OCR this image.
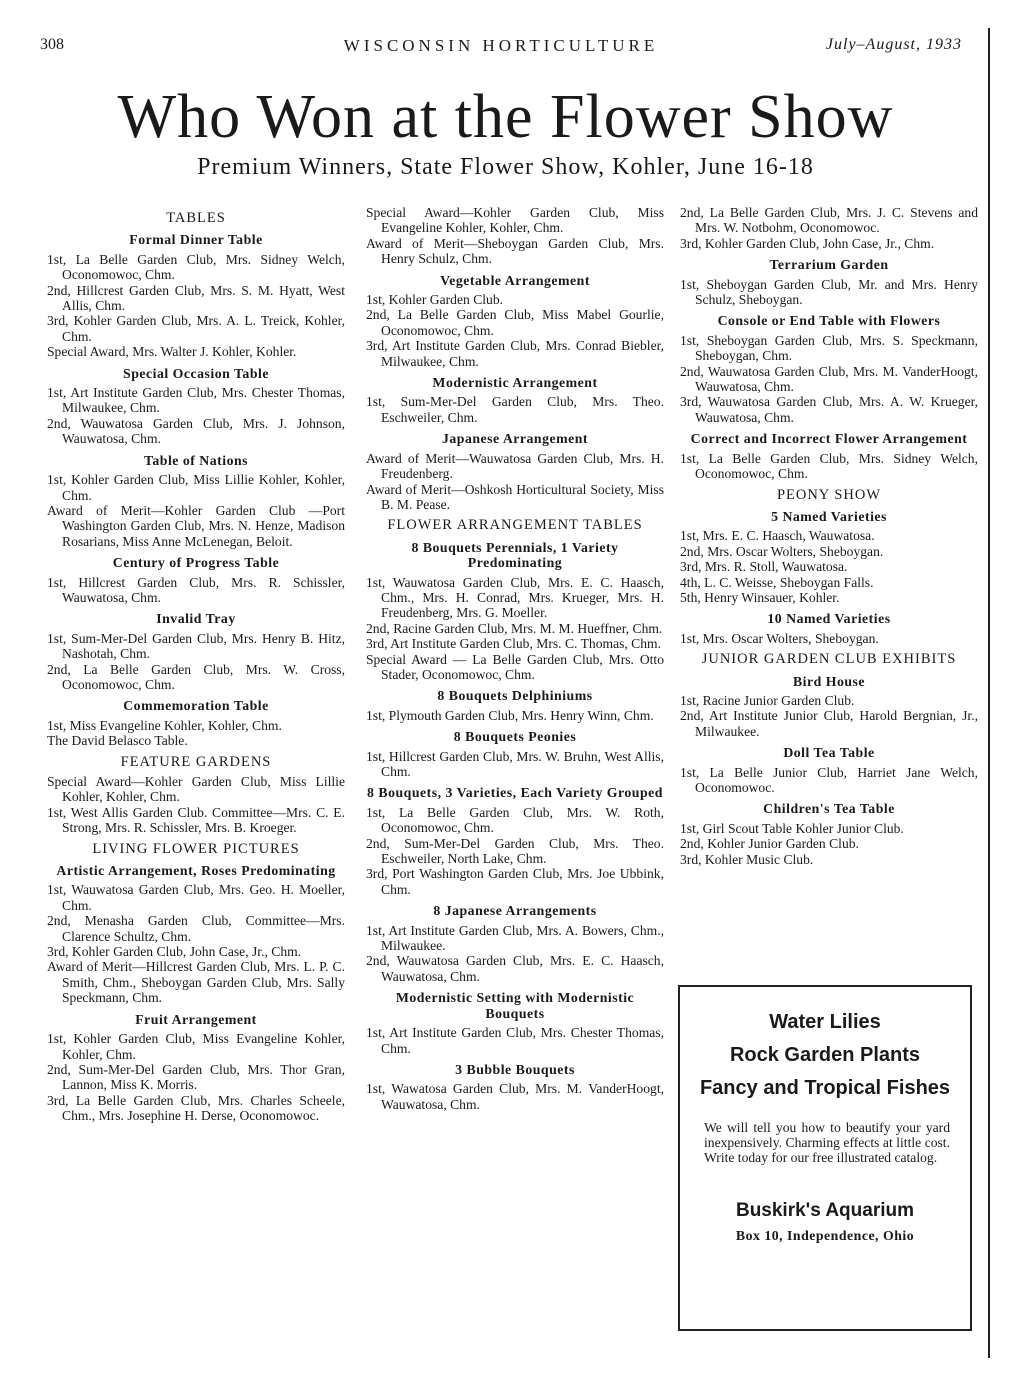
WISCONSIN HORTICULTURE
308	July–August, 1933
Who Won at the Flower Show
Premium Winners, State Flower Show, Kohler, June 16-18
TABLES
Formal Dinner Table
1st, La Belle Garden Club, Mrs. Sidney Welch, Oconomowoc, Chm.
2nd, Hillcrest Garden Club, Mrs. S. M. Hyatt, West Allis, Chm.
3rd, Kohler Garden Club, Mrs. A. L. Treick, Kohler, Chm.
Special Award, Mrs. Walter J. Kohler, Kohler.
Special Occasion Table
1st, Art Institute Garden Club, Mrs. Chester Thomas, Milwaukee, Chm.
2nd, Wauwatosa Garden Club, Mrs. J. Johnson, Wauwatosa, Chm.
Table of Nations
1st, Kohler Garden Club, Miss Lillie Kohler, Kohler, Chm.
Award of Merit—Kohler Garden Club —Port Washington Garden Club, Mrs. N. Henze, Madison Rosarians, Miss Anne McLenegan, Beloit.
Century of Progress Table
1st, Hillcrest Garden Club, Mrs. R. Schissler, Wauwatosa, Chm.
Invalid Tray
1st, Sum-Mer-Del Garden Club, Mrs. Henry B. Hitz, Nashotah, Chm.
2nd, La Belle Garden Club, Mrs. W. Cross, Oconomowoc, Chm.
Commemoration Table
1st, Miss Evangeline Kohler, Kohler, Chm.
The David Belasco Table.
FEATURE GARDENS
Special Award—Kohler Garden Club, Miss Lillie Kohler, Kohler, Chm.
1st, West Allis Garden Club. Committee—Mrs. C. E. Strong, Mrs. R. Schissler, Mrs. B. Kroeger.
LIVING FLOWER PICTURES
Artistic Arrangement, Roses Predominating
1st, Wauwatosa Garden Club, Mrs. Geo. H. Moeller, Chm.
2nd, Menasha Garden Club, Committee—Mrs. Clarence Schultz, Chm.
3rd, Kohler Garden Club, John Case, Jr., Chm.
Award of Merit—Hillcrest Garden Club, Mrs. L. P. C. Smith, Chm., Sheboygan Garden Club, Mrs. Sally Speckmann, Chm.
Fruit Arrangement
1st, Kohler Garden Club, Miss Evangeline Kohler, Kohler, Chm.
2nd, Sum-Mer-Del Garden Club, Mrs. Thor Gran, Lannon, Miss K. Morris.
3rd, La Belle Garden Club, Mrs. Charles Scheele, Chm., Mrs. Josephine H. Derse, Oconomowoc.
Special Award—Kohler Garden Club, Miss Evangeline Kohler, Kohler, Chm.
Award of Merit—Sheboygan Garden Club, Mrs. Henry Schulz, Chm.
Vegetable Arrangement
1st, Kohler Garden Club.
2nd, La Belle Garden Club, Miss Mabel Gourlie, Oconomowoc, Chm.
3rd, Art Institute Garden Club, Mrs. Conrad Biebler, Milwaukee, Chm.
Modernistic Arrangement
1st, Sum-Mer-Del Garden Club, Mrs. Theo. Eschweiler, Chm.
Japanese Arrangement
Award of Merit—Wauwatosa Garden Club, Mrs. H. Freudenberg.
Award of Merit—Oshkosh Horticultural Society, Miss B. M. Pease.
FLOWER ARRANGEMENT TABLES
8 Bouquets Perennials, 1 Variety Predominating
1st, Wauwatosa Garden Club, Mrs. E. C. Haasch, Chm., Mrs. H. Conrad, Mrs. Krueger, Mrs. H. Freudenberg, Mrs. G. Moeller.
2nd, Racine Garden Club, Mrs. M. M. Hueffner, Chm.
3rd, Art Institute Garden Club, Mrs. C. Thomas, Chm.
Special Award — La Belle Garden Club, Mrs. Otto Stader, Oconomowoc, Chm.
8 Bouquets Delphiniums
1st, Plymouth Garden Club, Mrs. Henry Winn, Chm.
8 Bouquets Peonies
1st, Hillcrest Garden Club, Mrs. W. Bruhn, West Allis, Chm.
8 Bouquets, 3 Varieties, Each Variety Grouped
1st, La Belle Garden Club, Mrs. W. Roth, Oconomowoc, Chm.
2nd, Sum-Mer-Del Garden Club, Mrs. Theo. Eschweiler, North Lake, Chm.
3rd, Port Washington Garden Club, Mrs. Joe Ubbink, Chm.
8 Japanese Arrangements
1st, Art Institute Garden Club, Mrs. A. Bowers, Chm., Milwaukee.
2nd, Wauwatosa Garden Club, Mrs. E. C. Haasch, Wauwatosa, Chm.
Modernistic Setting with Modernistic Bouquets
1st, Art Institute Garden Club, Mrs. Chester Thomas, Chm.
3 Bubble Bouquets
1st, Wawatosa Garden Club, Mrs. M. VanderHoogt, Wauwatosa, Chm.
2nd, La Belle Garden Club, Mrs. J. C. Stevens and Mrs. W. Notbohm, Oconomowoc.
3rd, Kohler Garden Club, John Case, Jr., Chm.
Terrarium Garden
1st, Sheboygan Garden Club, Mr. and Mrs. Henry Schulz, Sheboygan.
Console or End Table with Flowers
1st, Sheboygan Garden Club, Mrs. S. Speckmann, Sheboygan, Chm.
2nd, Wauwatosa Garden Club, Mrs. M. VanderHoogt, Wauwatosa, Chm.
3rd, Wauwatosa Garden Club, Mrs. A. W. Krueger, Wauwatosa, Chm.
Correct and Incorrect Flower Arrangement
1st, La Belle Garden Club, Mrs. Sidney Welch, Oconomowoc, Chm.
PEONY SHOW
5 Named Varieties
1st, Mrs. E. C. Haasch, Wauwatosa.
2nd, Mrs. Oscar Wolters, Sheboygan.
3rd, Mrs. R. Stoll, Wauwatosa.
4th, L. C. Weisse, Sheboygan Falls.
5th, Henry Winsauer, Kohler.
10 Named Varieties
1st, Mrs. Oscar Wolters, Sheboygan.
JUNIOR GARDEN CLUB EXHIBITS
Bird House
1st, Racine Junior Garden Club.
2nd, Art Institute Junior Club, Harold Bergnian, Jr., Milwaukee.
Doll Tea Table
1st, La Belle Junior Club, Harriet Jane Welch, Oconomowoc.
Children's Tea Table
1st, Girl Scout Table Kohler Junior Club.
2nd, Kohler Junior Garden Club.
3rd, Kohler Music Club.
Water Lilies
Rock Garden Plants
Fancy and Tropical Fishes
We will tell you how to beautify your yard inexpensively. Charming effects at little cost. Write today for our free illustrated catalog.
Buskirk's Aquarium
Box 10, Independence, Ohio
